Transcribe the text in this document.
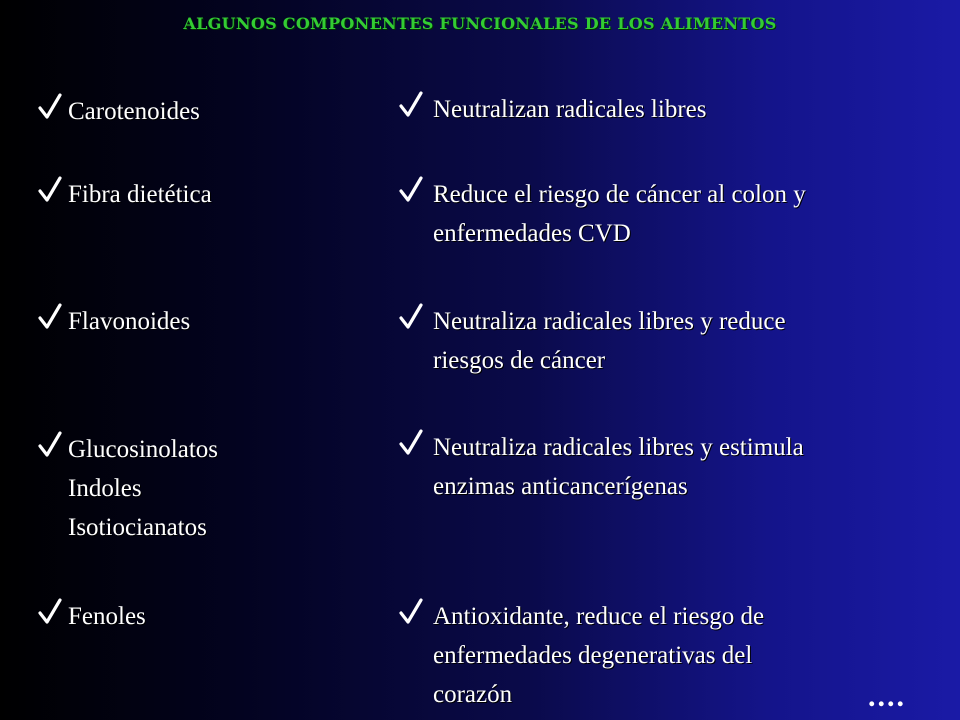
ALGUNOS COMPONENTES FUNCIONALES DE LOS ALIMENTOS
Carotenoides
Fibra dietética
Flavonoides
Glucosinolatos
Indoles
Isotiocianatos
Fenoles
Neutralizan radicales libres
Reduce el riesgo de cáncer al colon y
enfermedades CVD
Neutraliza radicales libres y reduce
riesgos de cáncer
Neutraliza radicales libres y estimula
enzimas anticancerígenas
Antioxidante, reduce el riesgo de
enfermedades degenerativas del
corazón	....
